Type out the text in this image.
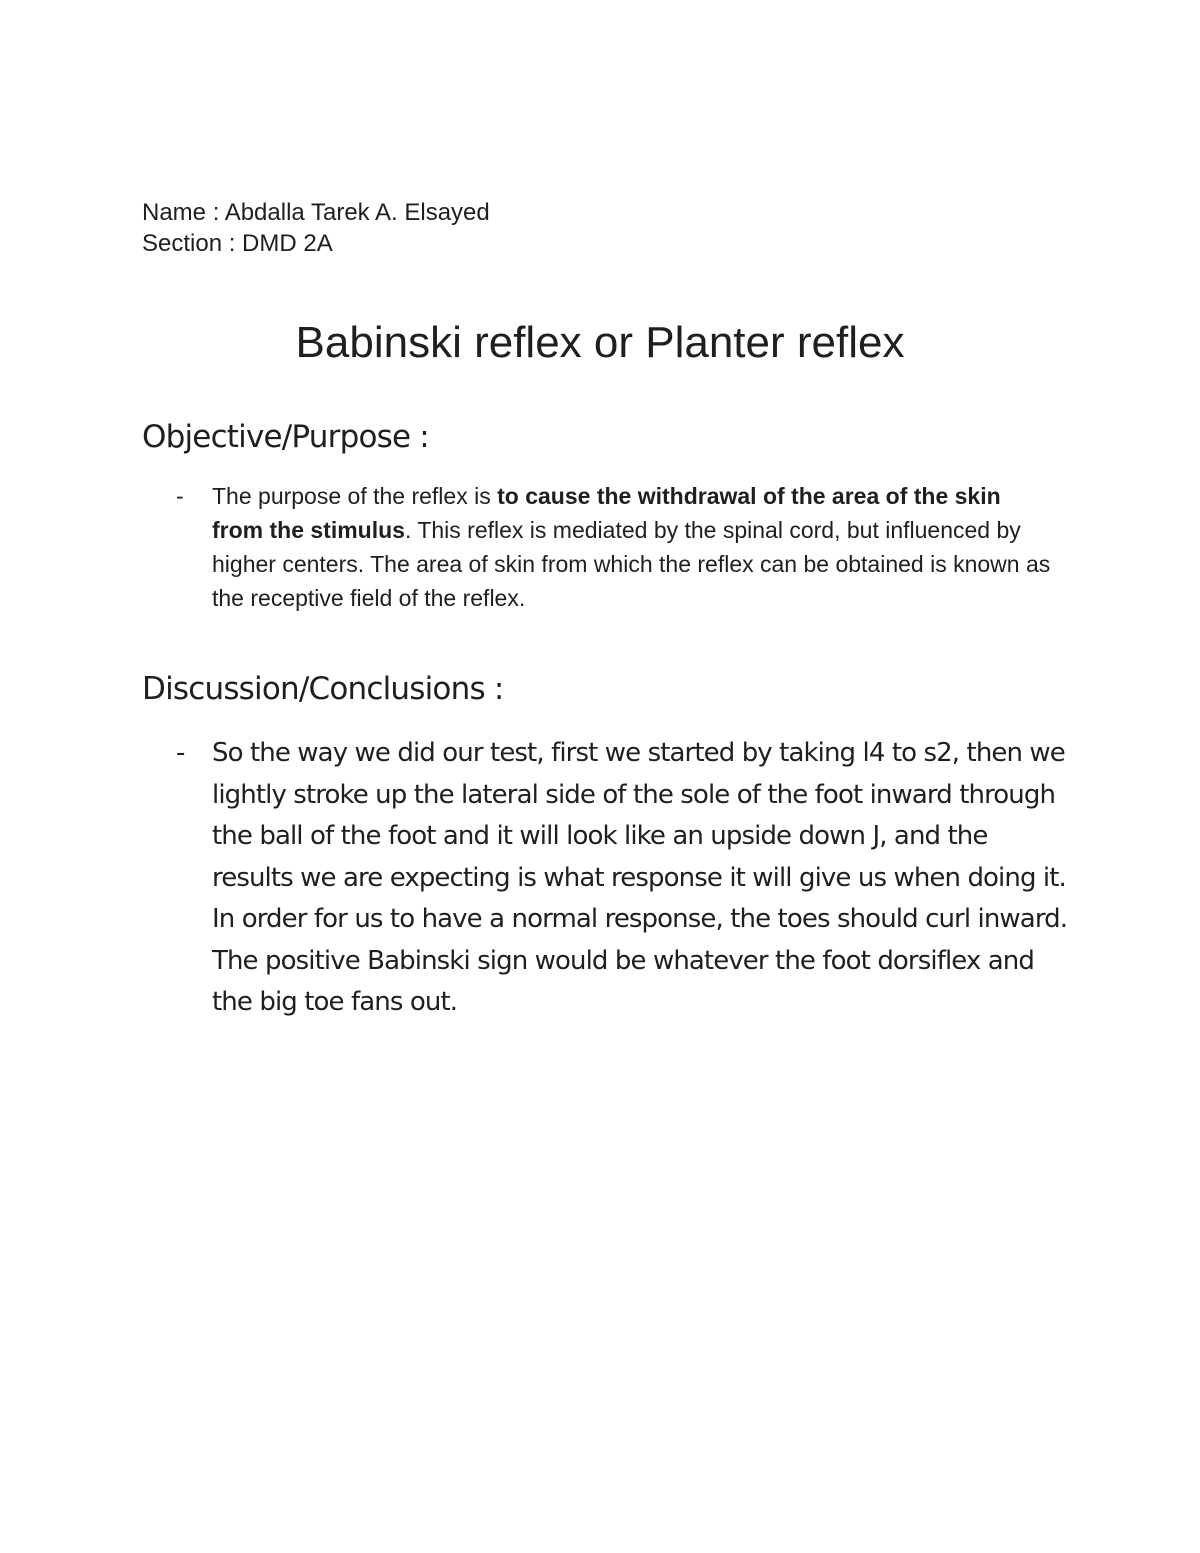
Name : Abdalla Tarek A. Elsayed
Section : DMD 2A
Babinski reflex or Planter reflex
Objective/Purpose :
- The purpose of the reflex is to cause the withdrawal of the area of the skin from the stimulus. This reflex is mediated by the spinal cord, but influenced by higher centers. The area of skin from which the reflex can be obtained is known as the receptive field of the reflex.
Discussion/Conclusions :
- So the way we did our test, first we started by taking l4 to s2, then we lightly stroke up the lateral side of the sole of the foot inward through the ball of the foot and it will look like an upside down J, and the results we are expecting is what response it will give us when doing it. In order for us to have a normal response, the toes should curl inward. The positive Babinski sign would be whatever the foot dorsiflex and the big toe fans out.
